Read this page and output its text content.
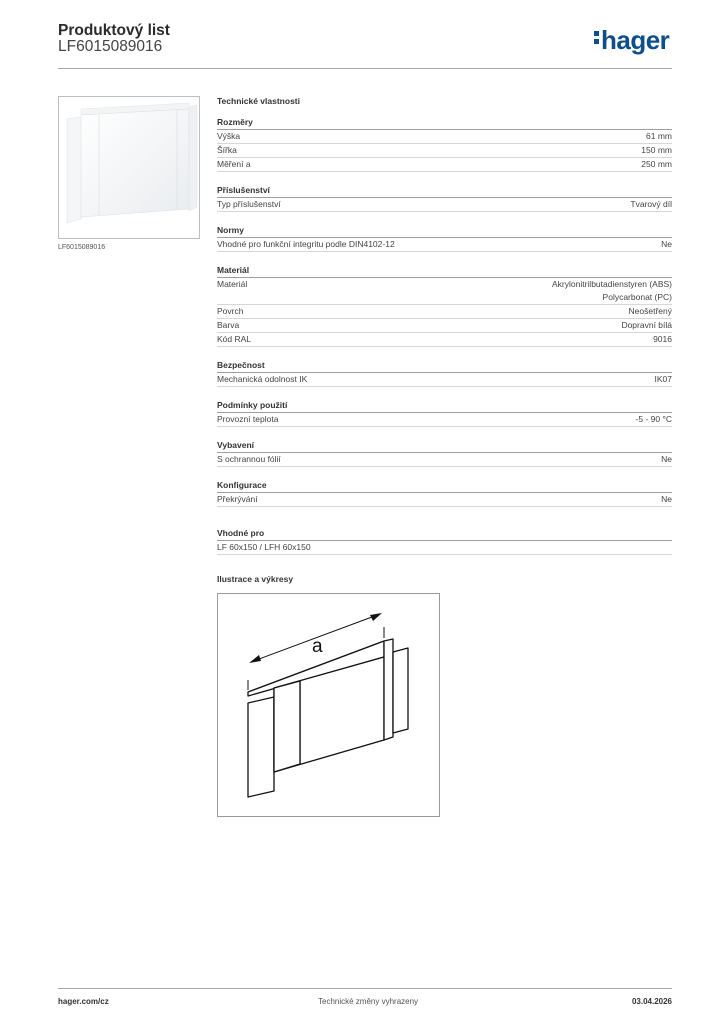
Produktový list
LF6015089016	hager
LF6015089016
Technické vlastnosti
Rozměry
Výška	61 mm
Šířka	150 mm
Měření a	250 mm
Příslušenství
Typ příslušenství	Tvarový díl
Normy
Vhodné pro funkční integritu podle DIN4102-12	Ne
Materiál
Materiál	Akrylonitrilbutadienstyren (ABS)
Polycarbonat (PC)
Povrch	Neošetřený
Barva	Dopravní bílá
Kód RAL	9016
Bezpečnost
Mechanická odolnost IK	IK07
Podmínky použití
Provozní teplota	-5 - 90 °C
Vybavení
S ochrannou fólií	Ne
Konfigurace
Překrývání	Ne
Vhodné pro
LF 60x150 / LFH 60x150
Ilustrace a výkresy
a
hager.com/cz	Technické změny vyhrazeny	03.04.2026
